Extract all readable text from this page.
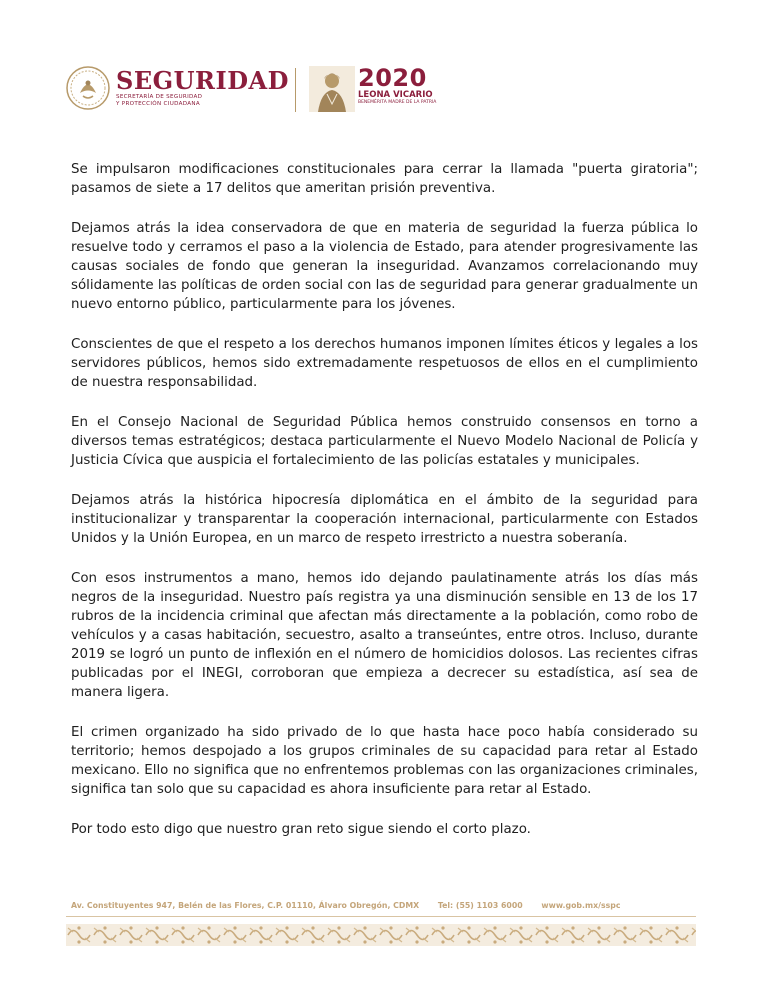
SEGURIDAD
SECRETARÍA DE SEGURIDAD
Y PROTECCIÓN CIUDADANA
2020
LEONA VICARIO
BENEMÉRITA MADRE DE LA PATRIA

Se impulsaron modificaciones constitucionales para cerrar la llamada "puerta giratoria"; pasamos de siete a 17 delitos que ameritan prisión preventiva.

Dejamos atrás la idea conservadora de que en materia de seguridad la fuerza pública lo resuelve todo y cerramos el paso a la violencia de Estado, para atender progresivamente las causas sociales de fondo que generan la inseguridad. Avanzamos correlacionando muy sólidamente las políticas de orden social con las de seguridad para generar gradualmente un nuevo entorno público, particularmente para los jóvenes.

Conscientes de que el respeto a los derechos humanos imponen límites éticos y legales a los servidores públicos, hemos sido extremadamente respetuosos de ellos en el cumplimiento de nuestra responsabilidad.

En el Consejo Nacional de Seguridad Pública hemos construido consensos en torno a diversos temas estratégicos; destaca particularmente el Nuevo Modelo Nacional de Policía y Justicia Cívica que auspicia el fortalecimiento de las policías estatales y municipales.

Dejamos atrás la histórica hipocresía diplomática en el ámbito de la seguridad para institucionalizar y transparentar la cooperación internacional, particularmente con Estados Unidos y la Unión Europea, en un marco de respeto irrestricto a nuestra soberanía.

Con esos instrumentos a mano, hemos ido dejando paulatinamente atrás los días más negros de la inseguridad. Nuestro país registra ya una disminución sensible en 13 de los 17 rubros de la incidencia criminal que afectan más directamente a la población, como robo de vehículos y a casas habitación, secuestro, asalto a transeúntes, entre otros. Incluso, durante 2019 se logró un punto de inflexión en el número de homicidios dolosos. Las recientes cifras publicadas por el INEGI, corroboran que empieza a decrecer su estadística, así sea de manera ligera.

El crimen organizado ha sido privado de lo que hasta hace poco había considerado su territorio; hemos despojado a los grupos criminales de su capacidad para retar al Estado mexicano. Ello no significa que no enfrentemos problemas con las organizaciones criminales, significa tan solo que su capacidad es ahora insuficiente para retar al Estado.

Por todo esto digo que nuestro gran reto sigue siendo el corto plazo.

Av. Constituyentes 947, Belén de las Flores, C.P. 01110, Álvaro Obregón, CDMX Tel: (55) 1103 6000 www.gob.mx/sspc
